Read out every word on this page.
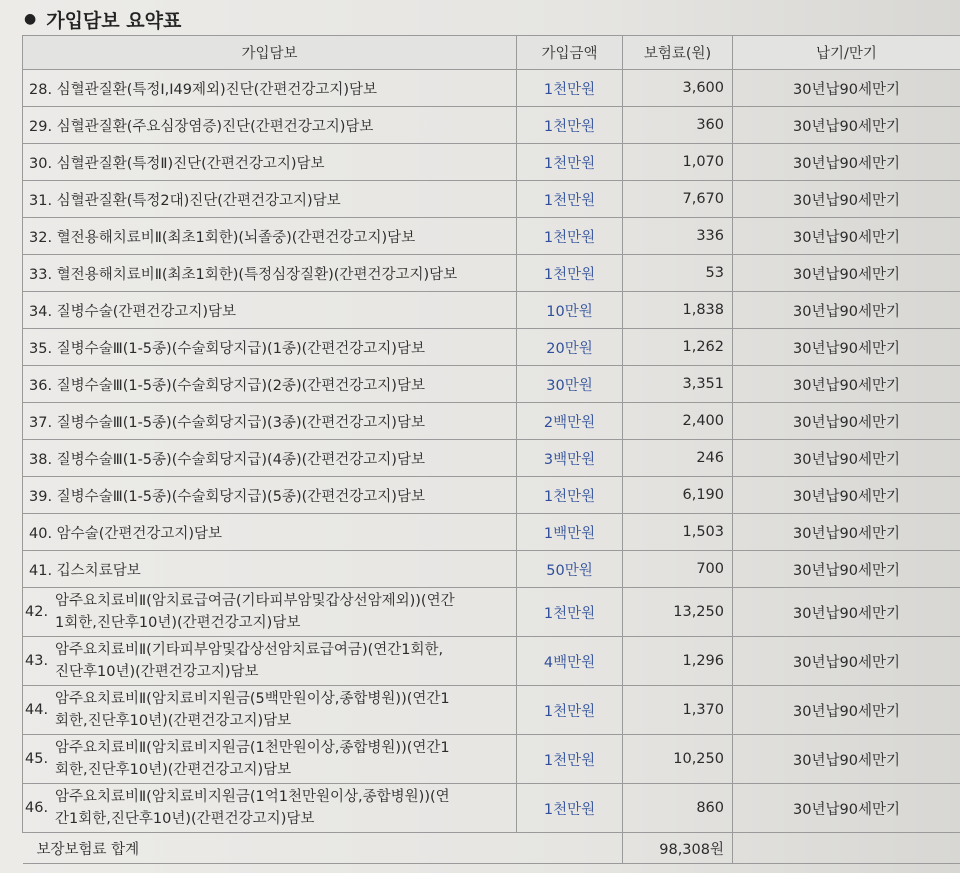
● 가입담보 요약표
가입담보	가입금액	보험료(원)	납기/만기
28. 심혈관질환(특정Ⅰ,I49제외)진단(간편건강고지)담보	1천만원	3,600	30년납90세만기
29. 심혈관질환(주요심장염증)진단(간편건강고지)담보	1천만원	360	30년납90세만기
30. 심혈관질환(특정Ⅱ)진단(간편건강고지)담보	1천만원	1,070	30년납90세만기
31. 심혈관질환(특정2대)진단(간편건강고지)담보	1천만원	7,670	30년납90세만기
32. 혈전용해치료비Ⅱ(최초1회한)(뇌졸중)(간편건강고지)담보	1천만원	336	30년납90세만기
33. 혈전용해치료비Ⅱ(최초1회한)(특정심장질환)(간편건강고지)담보	1천만원	53	30년납90세만기
34. 질병수술(간편건강고지)담보	10만원	1,838	30년납90세만기
35. 질병수술Ⅲ(1-5종)(수술회당지급)(1종)(간편건강고지)담보	20만원	1,262	30년납90세만기
36. 질병수술Ⅲ(1-5종)(수술회당지급)(2종)(간편건강고지)담보	30만원	3,351	30년납90세만기
37. 질병수술Ⅲ(1-5종)(수술회당지급)(3종)(간편건강고지)담보	2백만원	2,400	30년납90세만기
38. 질병수술Ⅲ(1-5종)(수술회당지급)(4종)(간편건강고지)담보	3백만원	246	30년납90세만기
39. 질병수술Ⅲ(1-5종)(수술회당지급)(5종)(간편건강고지)담보	1천만원	6,190	30년납90세만기
40. 암수술(간편건강고지)담보	1백만원	1,503	30년납90세만기
41. 깁스치료담보	50만원	700	30년납90세만기

42.
암주요치료비Ⅱ(암치료급여금(기타피부암및갑상선암제외))(연간
1회한,진단후10년)(간편건강고지)담보	1천만원	13,250	30년납90세만기

43.
암주요치료비Ⅱ(기타피부암및갑상선암치료급여금)(연간1회한,
진단후10년)(간편건강고지)담보	4백만원	1,296	30년납90세만기

44.
암주요치료비Ⅱ(암치료비지원금(5백만원이상,종합병원))(연간1
회한,진단후10년)(간편건강고지)담보	1천만원	1,370	30년납90세만기

45.
암주요치료비Ⅱ(암치료비지원금(1천만원이상,종합병원))(연간1
회한,진단후10년)(간편건강고지)담보	1천만원	10,250	30년납90세만기

46.
암주요치료비Ⅱ(암치료비지원금(1억1천만원이상,종합병원))(연
간1회한,진단후10년)(간편건강고지)담보	1천만원	860	30년납90세만기
보장보험료 합계		98,308원	
